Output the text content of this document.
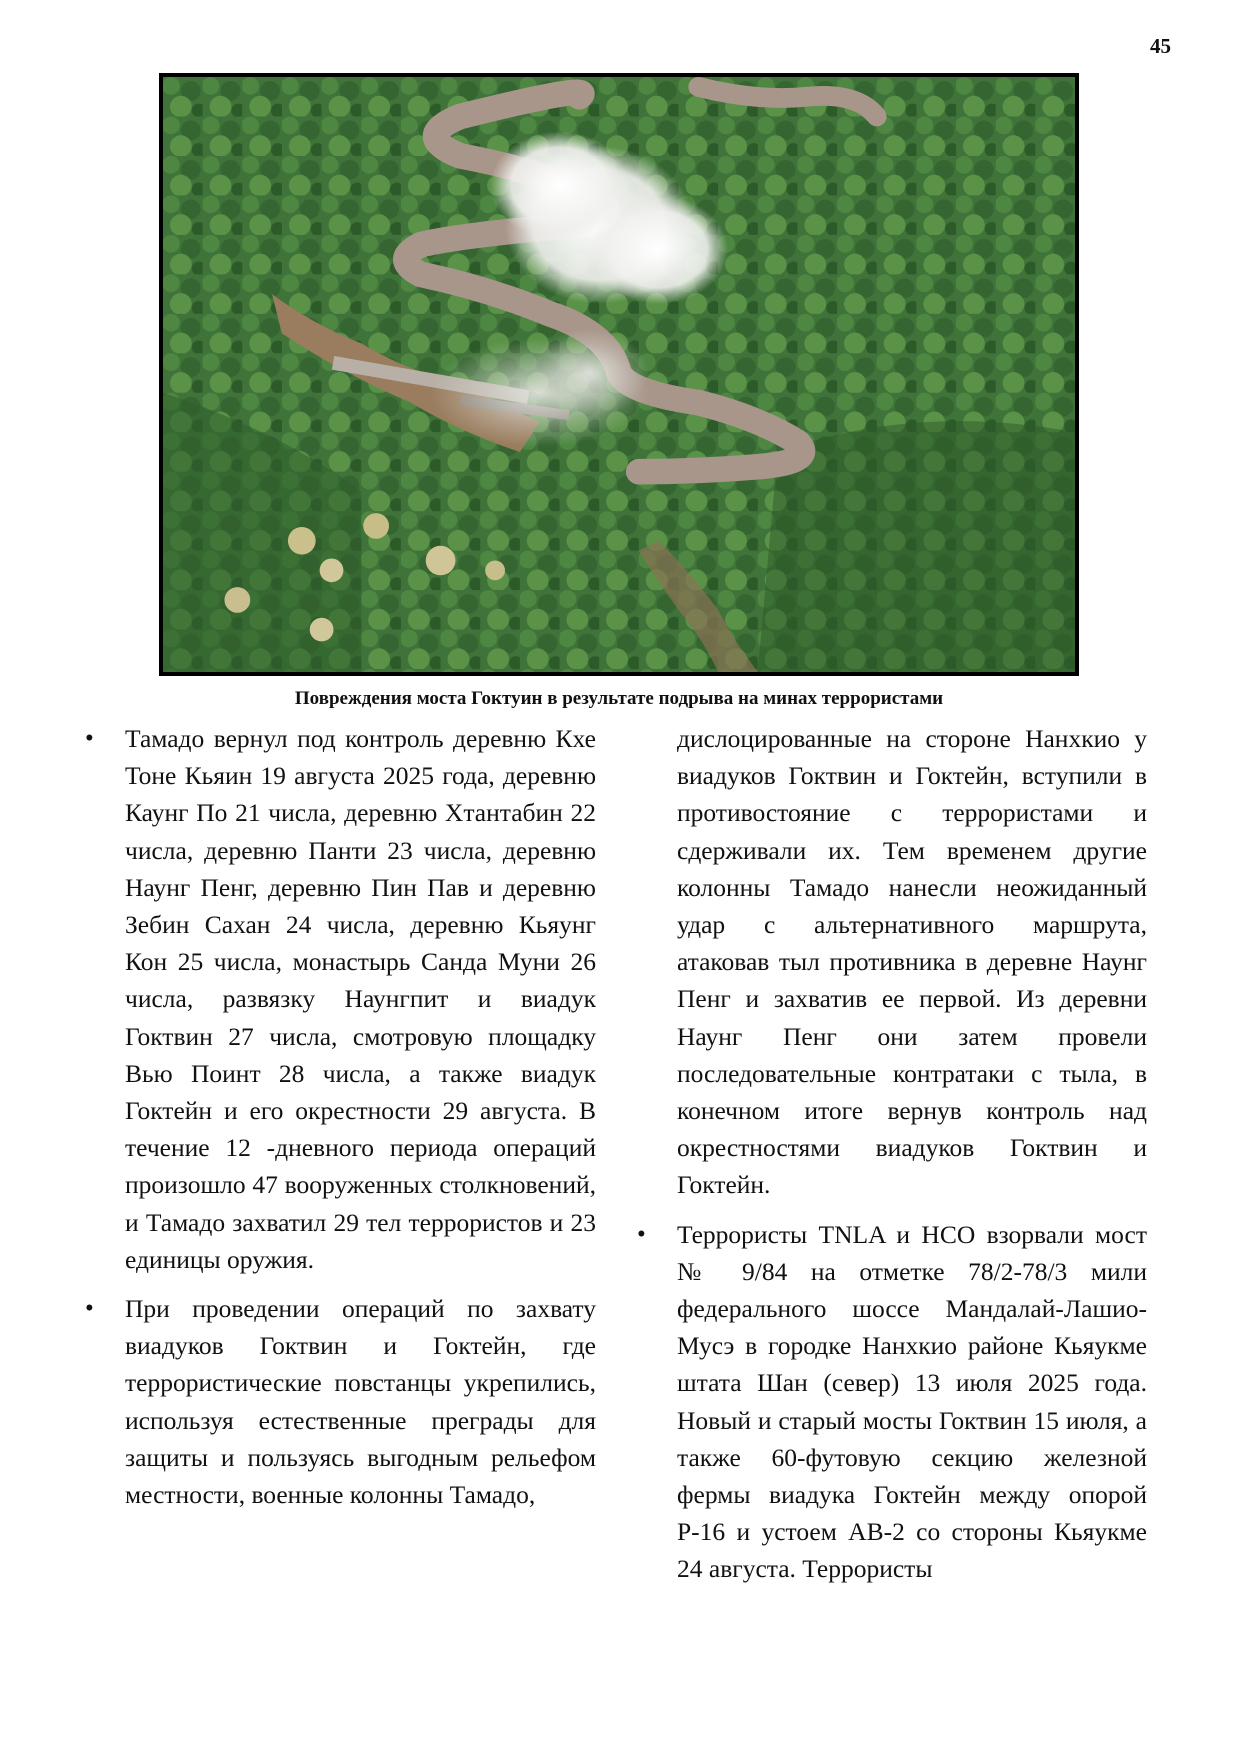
45
Повреждения моста Гоктуин в результате подрыва на минах террористами

•	Тамадо вернул под контроль деревню Кхе Тоне Кьяин 19 августа 2025 года, деревню Каунг По 21 числа, деревню Хтантабин 22 числа, деревню Панти 23 числа, деревню Наунг Пенг, деревню Пин Пав и деревню Зебин Сахан 24 числа, деревню Кьяунг Кон 25 числа, монастырь Санда Муни 26 числа, развязку Наунгпит и виадук Гоктвин 27 числа, смотровую площадку Вью Поинт 28 числа, а также виадук Гоктейн и его окрестности 29 августа. В течение 12 -дневного периода операций произошло 47 вооруженных столкновений, и Тамадо захватил 29 тел террористов и 23 единицы оружия.

•	При проведении операций по захвату виадуков Гоктвин и Гоктейн, где террористические повстанцы укрепились, используя естественные преграды для защиты и пользуясь выгодным рельефом местности, военные колонны Тамадо,

дислоцированные на стороне Нанхкио у виадуков Гоктвин и Гоктейн, вступили в противостояние с террористами и сдерживали их. Тем временем другие колонны Тамадо нанесли неожиданный удар с альтернативного маршрута, атаковав тыл противника в деревне Наунг Пенг и захватив ее первой. Из деревни Наунг Пенг они затем провели последовательные контратаки с тыла, в конечном итоге вернув контроль над окрестностями виадуков Гоктвин и Гоктейн.

•	Террористы TNLA и НСО взорвали мост № 9/84 на отметке 78/2-78/3 мили федерального шоссе Мандалай-Лашио-Мусэ в городке Нанхкио районе Кьяукме штата Шан (север) 13 июля 2025 года. Новый и старый мосты Гоктвин 15 июля, а также 60-футовую секцию железной фермы виадука Гоктейн между опорой Р-16 и устоем АВ-2 со стороны Кьяукме 24 августа. Террористы
